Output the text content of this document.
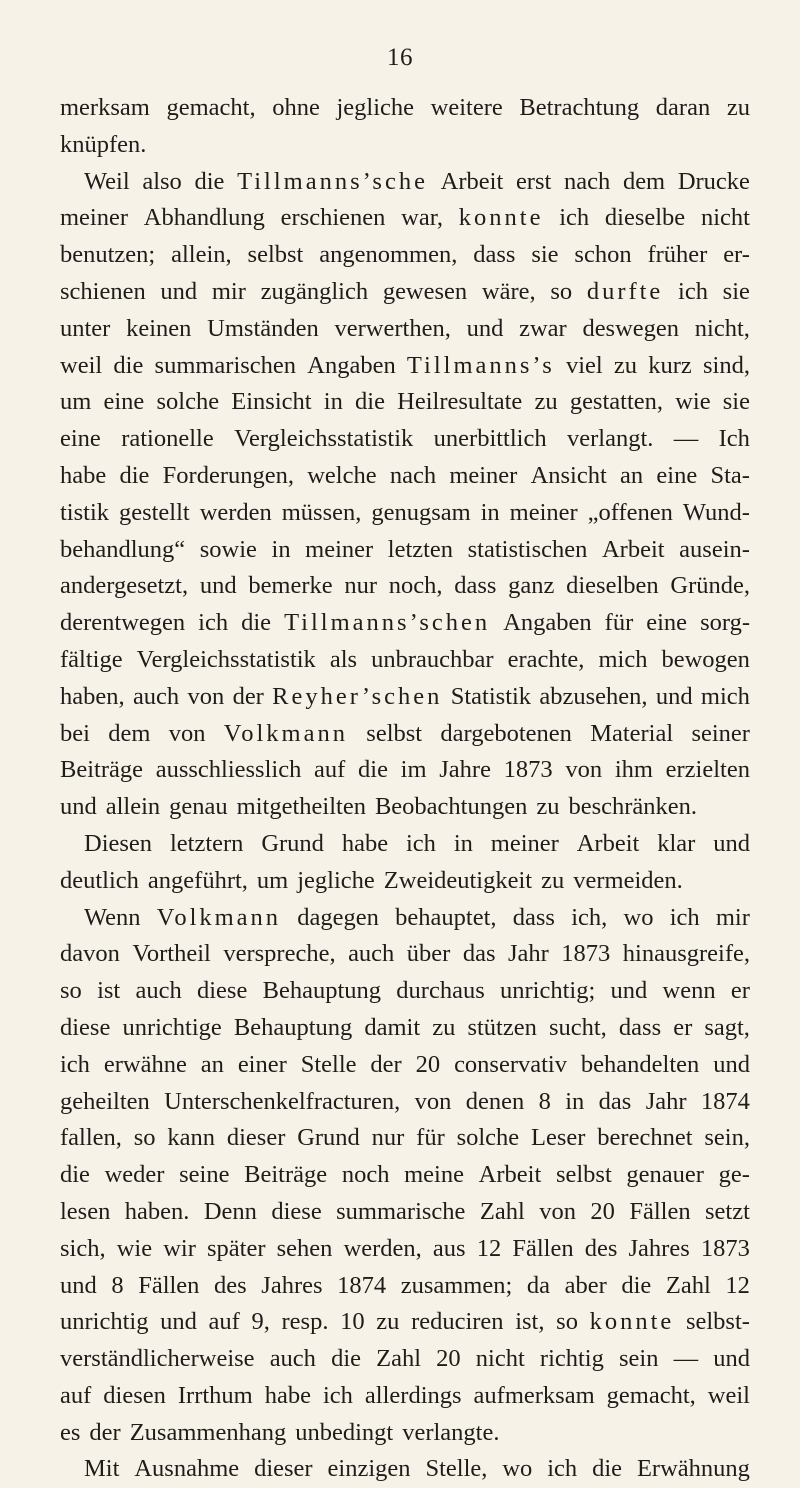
16
merksam gemacht, ohne jegliche weitere Betrachtung daran zu
knüpfen.
Weil also die Tillmanns’sche Arbeit erst nach dem Drucke
meiner Abhandlung erschienen war, konnte ich dieselbe nicht
benutzen; allein, selbst angenommen, dass sie schon früher er-
schienen und mir zugänglich gewesen wäre, so durfte ich sie
unter keinen Umständen verwerthen, und zwar deswegen nicht,
weil die summarischen Angaben Tillmanns’s viel zu kurz sind,
um eine solche Einsicht in die Heilresultate zu gestatten, wie sie
eine rationelle Vergleichsstatistik unerbittlich verlangt. — Ich
habe die Forderungen, welche nach meiner Ansicht an eine Sta-
tistik gestellt werden müssen, genugsam in meiner „offenen Wund-
behandlung“ sowie in meiner letzten statistischen Arbeit ausein-
andergesetzt, und bemerke nur noch, dass ganz dieselben Gründe,
derentwegen ich die Tillmanns’schen Angaben für eine sorg-
fältige Vergleichsstatistik als unbrauchbar erachte, mich bewogen
haben, auch von der Reyher’schen Statistik abzusehen, und mich
bei dem von Volkmann selbst dargebotenen Material seiner
Beiträge ausschliesslich auf die im Jahre 1873 von ihm erzielten
und allein genau mitgetheilten Beobachtungen zu beschränken.
Diesen letztern Grund habe ich in meiner Arbeit klar und
deutlich angeführt, um jegliche Zweideutigkeit zu vermeiden.
Wenn Volkmann dagegen behauptet, dass ich, wo ich mir
davon Vortheil verspreche, auch über das Jahr 1873 hinausgreife,
so ist auch diese Behauptung durchaus unrichtig; und wenn er
diese unrichtige Behauptung damit zu stützen sucht, dass er sagt,
ich erwähne an einer Stelle der 20 conservativ behandelten und
geheilten Unterschenkelfracturen, von denen 8 in das Jahr 1874
fallen, so kann dieser Grund nur für solche Leser berechnet sein,
die weder seine Beiträge noch meine Arbeit selbst genauer ge-
lesen haben. Denn diese summarische Zahl von 20 Fällen setzt
sich, wie wir später sehen werden, aus 12 Fällen des Jahres 1873
und 8 Fällen des Jahres 1874 zusammen; da aber die Zahl 12
unrichtig und auf 9, resp. 10 zu reduciren ist, so konnte selbst-
verständlicherweise auch die Zahl 20 nicht richtig sein — und
auf diesen Irrthum habe ich allerdings aufmerksam gemacht, weil
es der Zusammenhang unbedingt verlangte.
Mit Ausnahme dieser einzigen Stelle, wo ich die Erwähnung
